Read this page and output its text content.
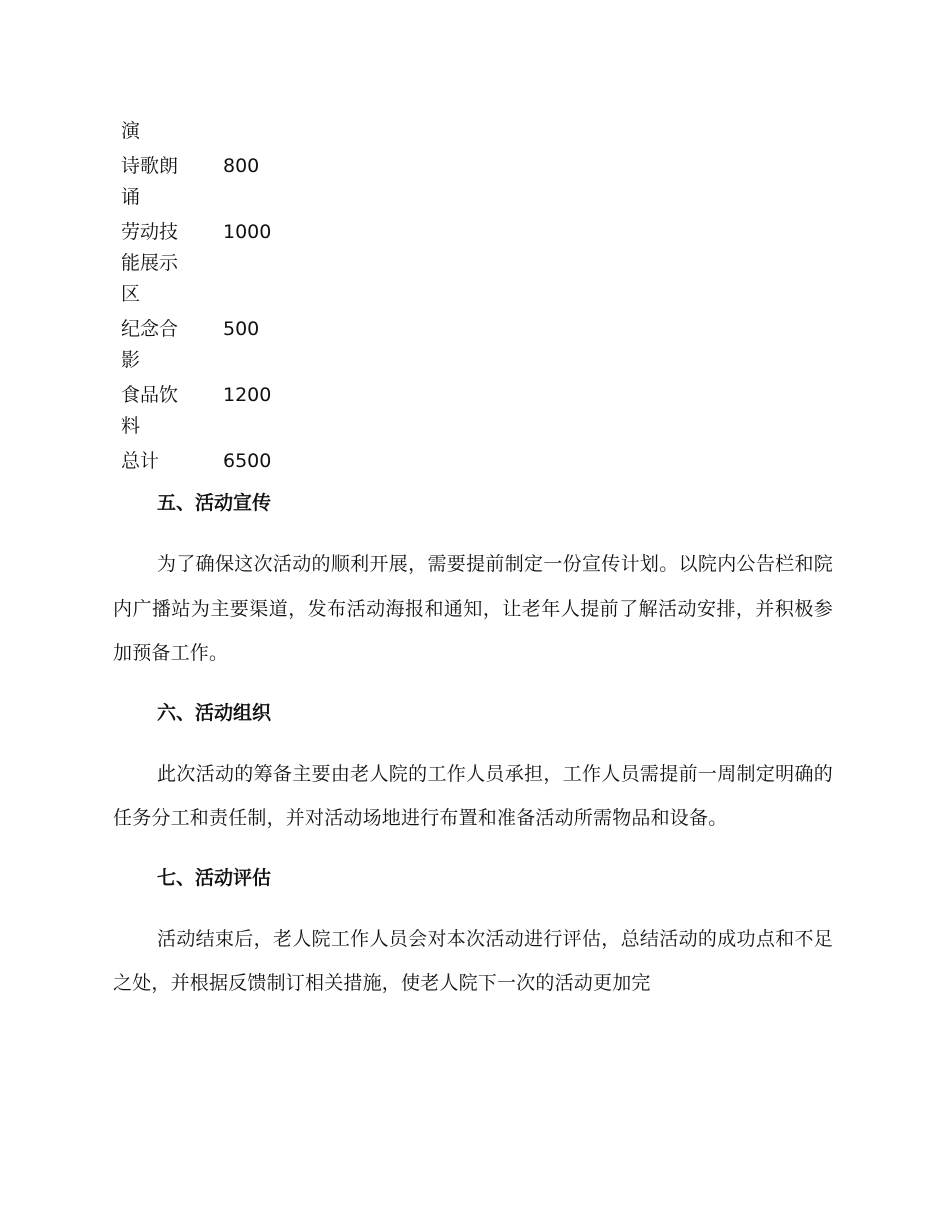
演
诗歌朗诵
800
劳动技能展示区
1000
纪念合影
500
食品饮料
1200
总计	6500
五、活动宣传

为了确保这次活动的顺利开展，需要提前制定一份宣传计划。以院内公告栏和院内广播站为主要渠道，发布活动海报和通知，让老年人提前了解活动安排，并积极参加预备工作。

六、活动组织

此次活动的筹备主要由老人院的工作人员承担，工作人员需提前一周制定明确的任务分工和责任制，并对活动场地进行布置和准备活动所需物品和设备。

七、活动评估

活动结束后，老人院工作人员会对本次活动进行评估，总结活动的成功点和不足之处，并根据反馈制订相关措施，使老人院下一次的活动更加完
